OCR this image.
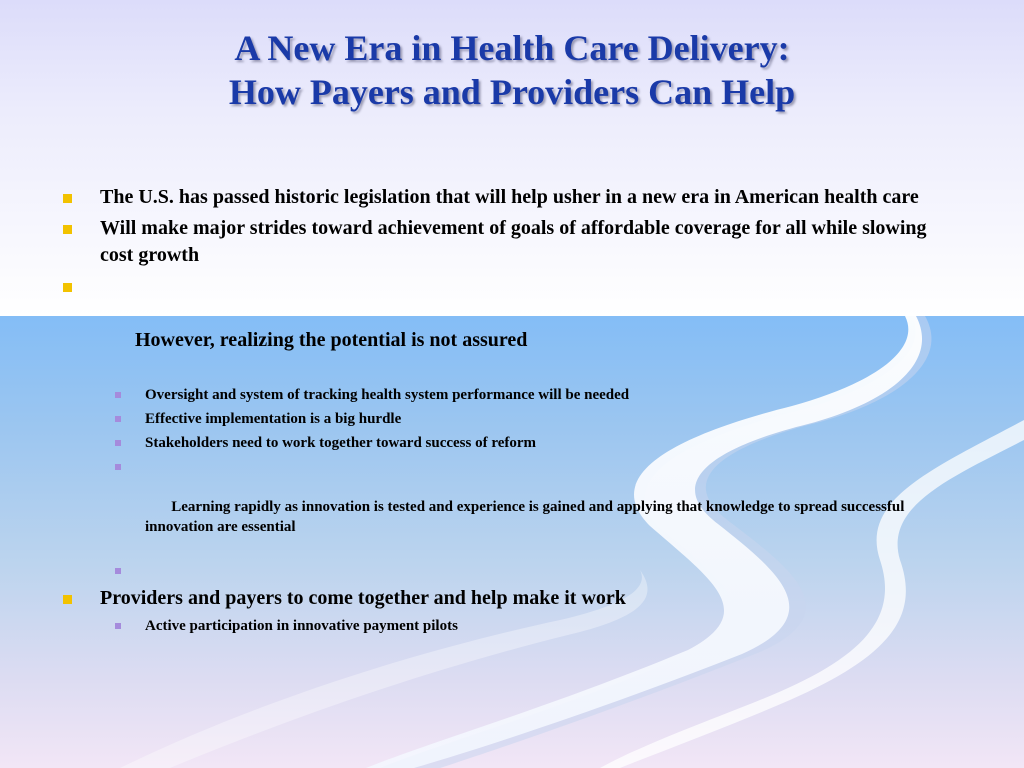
A New Era in Health Care Delivery:
How Payers and Providers Can Help
The U.S. has passed historic legislation that will help usher in a new era in American health care
Will make major strides toward achievement of goals of affordable coverage for all while slowing cost growth

However, realizing the potential is not assured

Oversight and system of tracking health system performance will be needed
Effective implementation is a big hurdle
Stakeholders need to work together toward success of reform

Learning rapidly as innovation is tested and experience is gained and applying that knowledge to spread successful innovation are essential

Providers and payers to come together and help make it work
Active participation in innovative payment pilots
